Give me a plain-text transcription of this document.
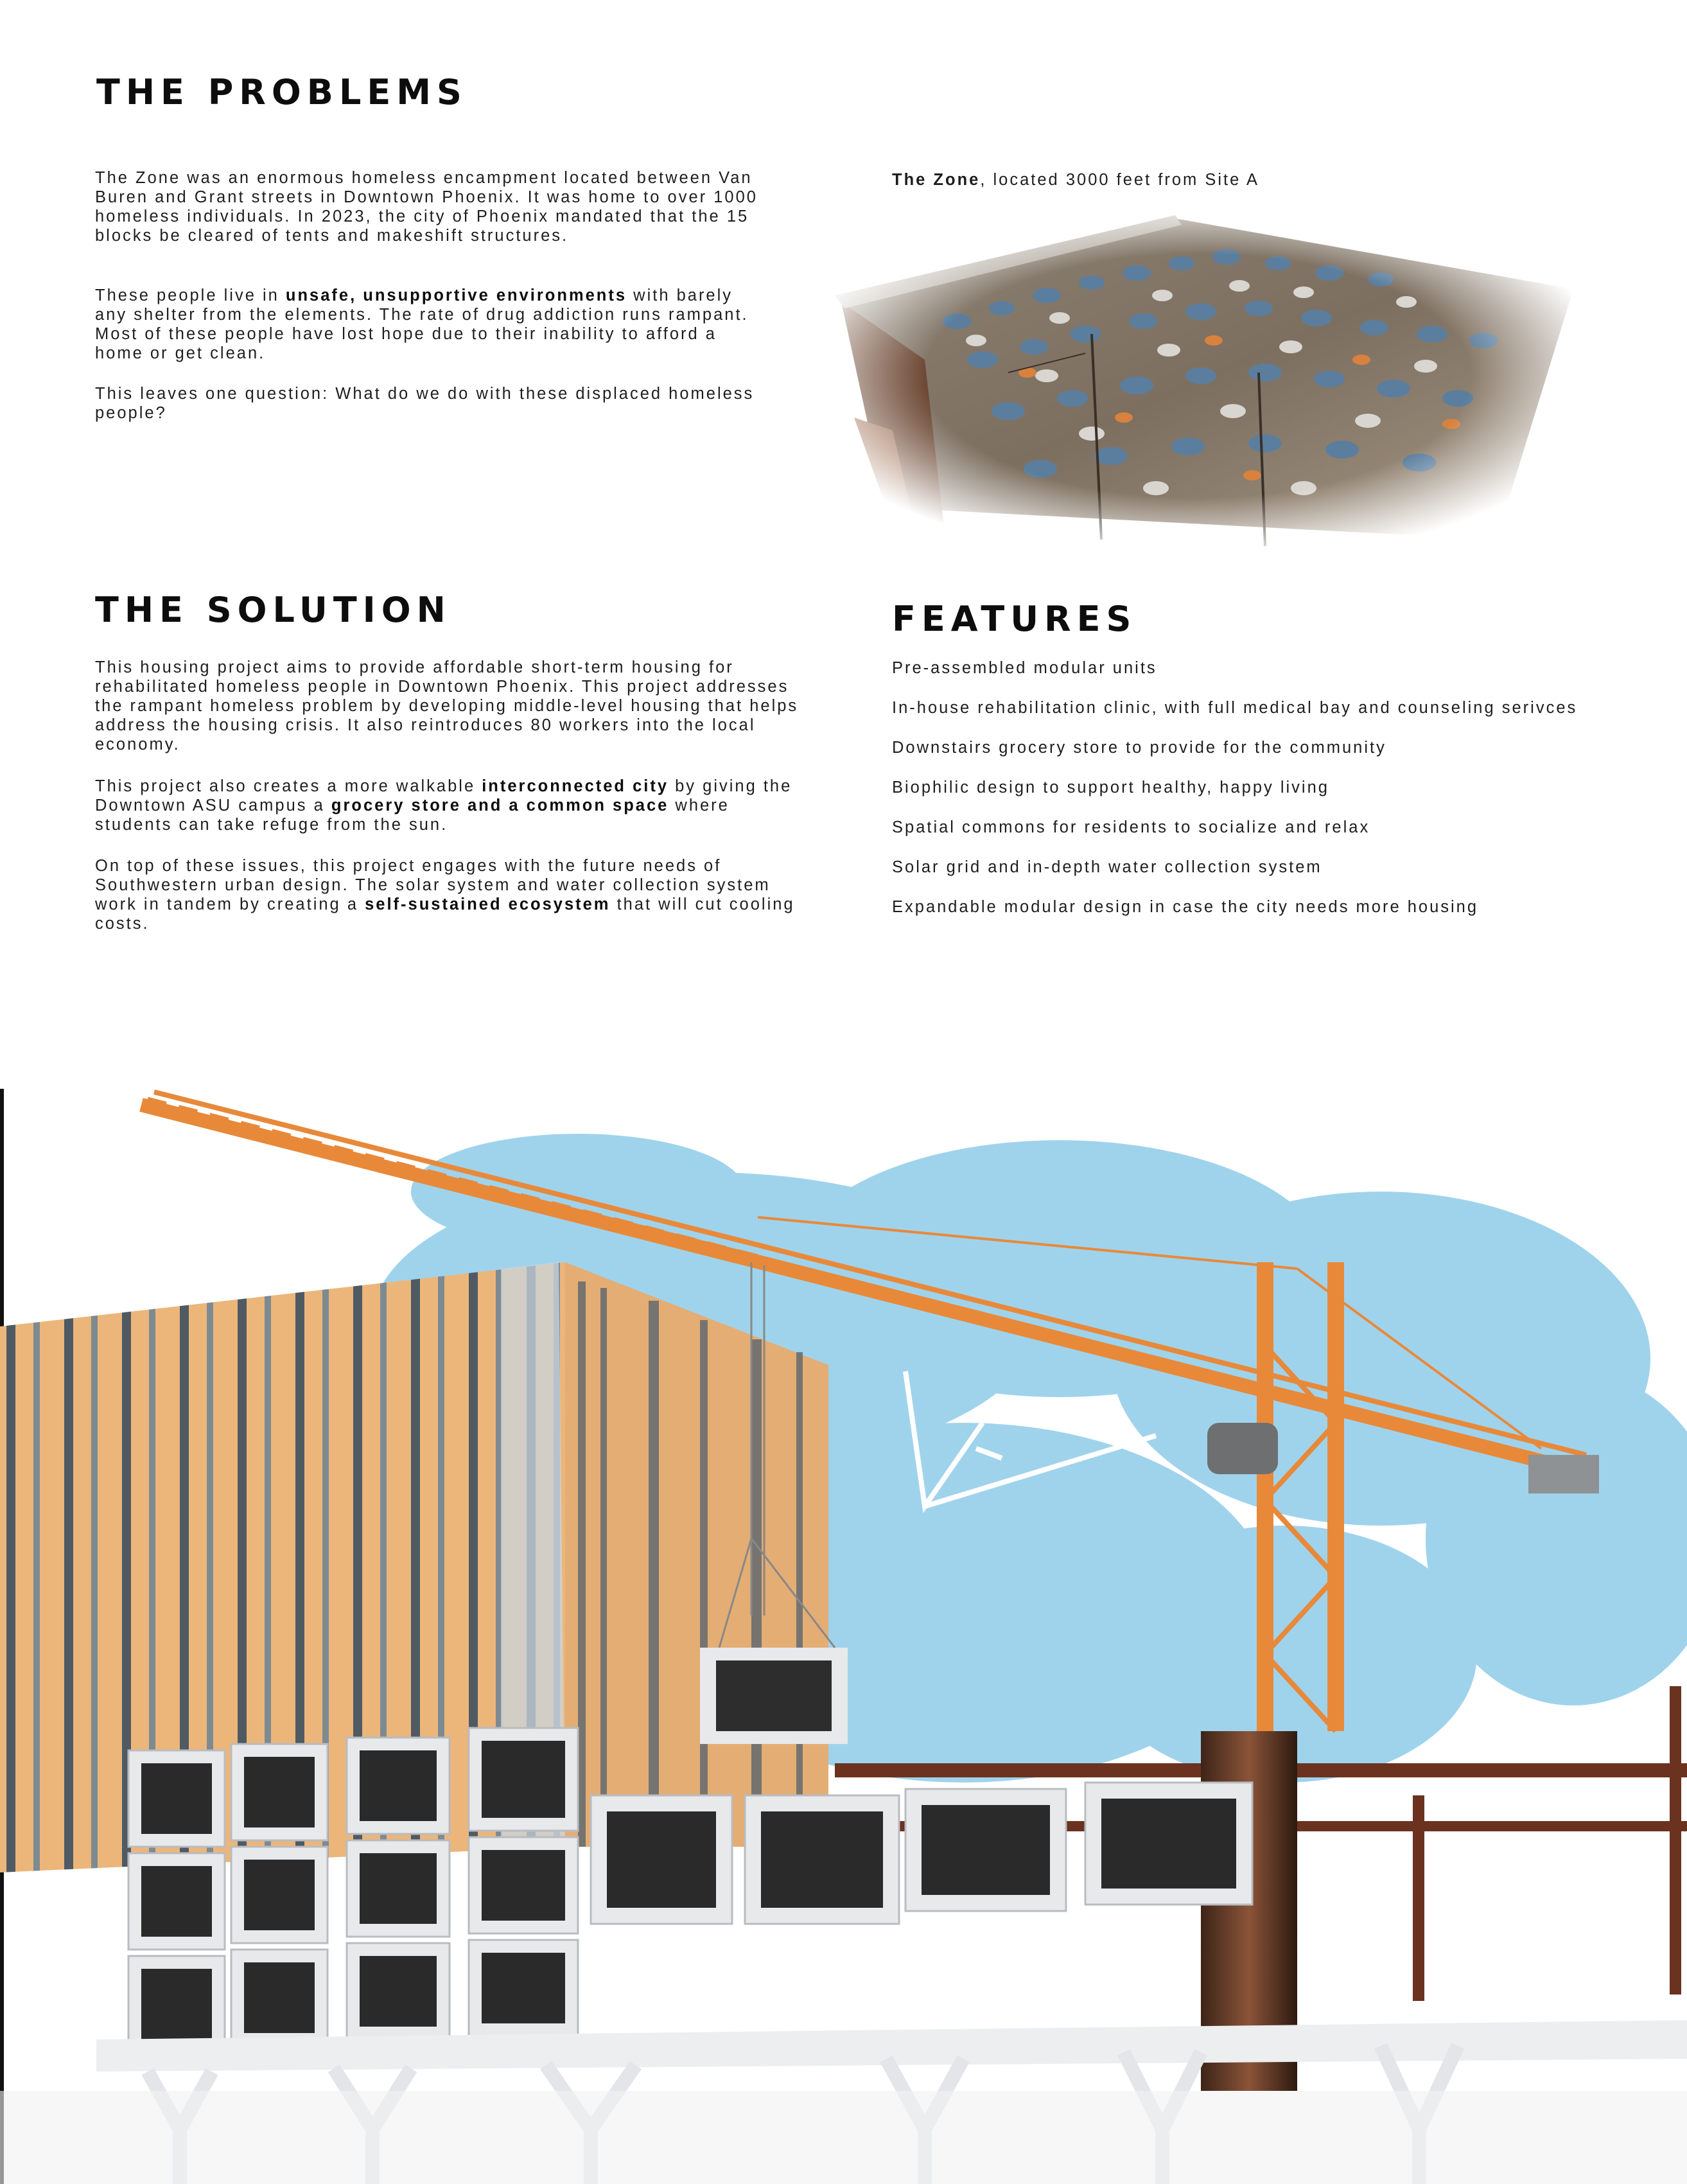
THE PROBLEMS

The Zone was an enormous homeless encampment located between Van Buren and Grant streets in Downtown Phoenix. It was home to over 1000 homeless individuals. In 2023, the city of Phoenix mandated that the 15 blocks be cleared of tents and makeshift structures.

These people live in unsafe, unsupportive environments with barely any shelter from the elements. The rate of drug addiction runs rampant. Most of these people have lost hope due to their inability to afford a home or get clean.

This leaves one question: What do we do with these displaced homeless people?

The Zone, located 3000 feet from Site A
THE SOLUTION

This housing project aims to provide affordable short-term housing for rehabilitated homeless people in Downtown Phoenix. This project addresses the rampant homeless problem by developing middle-level housing that helps address the housing crisis. It also reintroduces 80 workers into the local economy.

This project also creates a more walkable interconnected city by giving the Downtown ASU campus a grocery store and a common space where students can take refuge from the sun.

On top of these issues, this project engages with the future needs of Southwestern urban design. The solar system and water collection system work in tandem by creating a self-sustained ecosystem that will cut cooling costs.

FEATURES
Pre-assembled modular units
In-house rehabilitation clinic, with full medical bay and counseling serivces
Downstairs grocery store to provide for the community
Biophilic design to support healthy, happy living
Spatial commons for residents to socialize and relax
Solar grid and in-depth water collection system
Expandable modular design in case the city needs more housing
